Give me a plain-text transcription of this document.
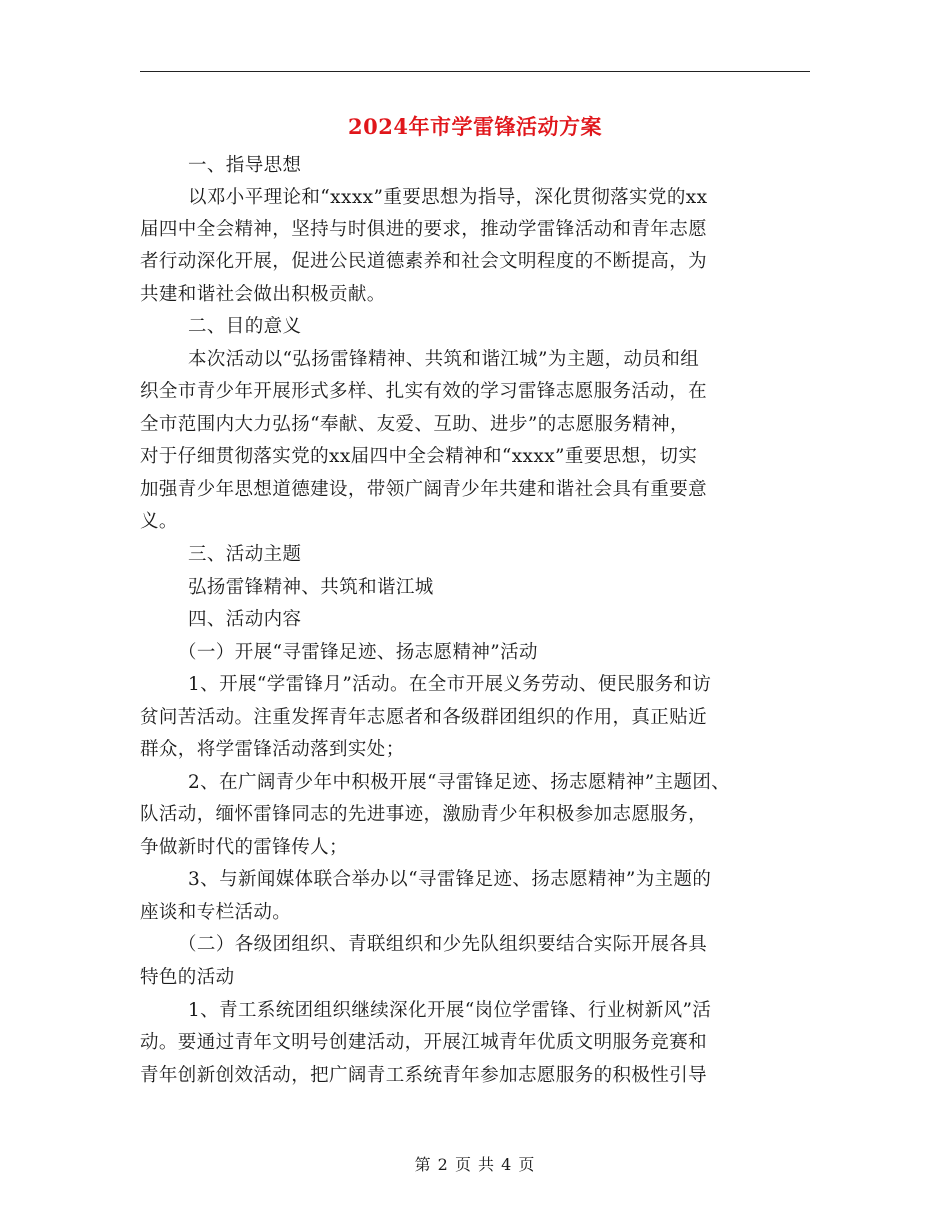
2024年市学雷锋活动方案
一、指导思想
以邓小平理论和“xxxx”重要思想为指导，深化贯彻落实党的xx
届四中全会精神，坚持与时俱进的要求，推动学雷锋活动和青年志愿
者行动深化开展，促进公民道德素养和社会文明程度的不断提高，为
共建和谐社会做出积极贡献。
二、目的意义
本次活动以“弘扬雷锋精神、共筑和谐江城”为主题，动员和组
织全市青少年开展形式多样、扎实有效的学习雷锋志愿服务活动，在
全市范围内大力弘扬“奉献、友爱、互助、进步”的志愿服务精神，
对于仔细贯彻落实党的xx届四中全会精神和“xxxx”重要思想，切实
加强青少年思想道德建设，带领广阔青少年共建和谐社会具有重要意
义。
三、活动主题
弘扬雷锋精神、共筑和谐江城
四、活动内容
（一）开展“寻雷锋足迹、扬志愿精神”活动
1、开展“学雷锋月”活动。在全市开展义务劳动、便民服务和访
贫问苦活动。注重发挥青年志愿者和各级群团组织的作用，真正贴近
群众，将学雷锋活动落到实处；
2、在广阔青少年中积极开展“寻雷锋足迹、扬志愿精神”主题团、
队活动，缅怀雷锋同志的先进事迹，激励青少年积极参加志愿服务，
争做新时代的雷锋传人；
3、与新闻媒体联合举办以“寻雷锋足迹、扬志愿精神”为主题的
座谈和专栏活动。
（二）各级团组织、青联组织和少先队组织要结合实际开展各具
特色的活动
1、青工系统团组织继续深化开展“岗位学雷锋、行业树新风”活
动。要通过青年文明号创建活动，开展江城青年优质文明服务竞赛和
青年创新创效活动，把广阔青工系统青年参加志愿服务的积极性引导
第 2 页 共 4 页
